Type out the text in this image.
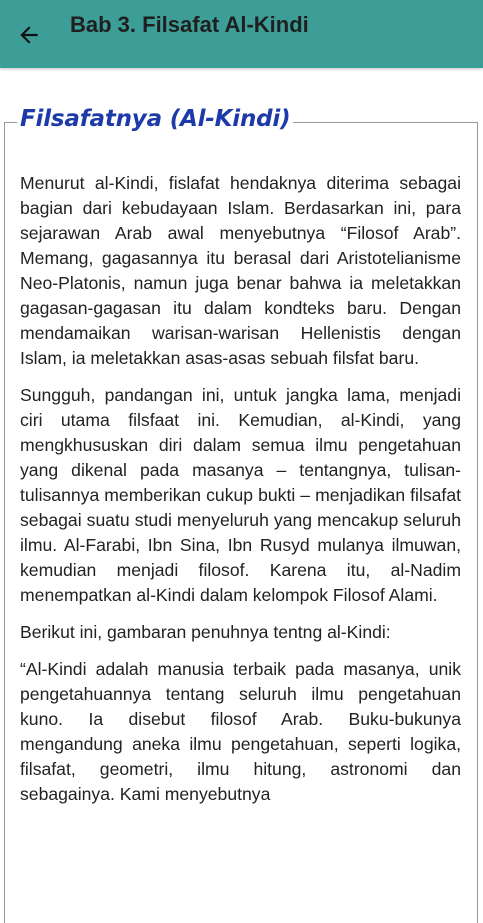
Bab 3. Filsafat Al-Kindi
Filsafatnya (Al-Kindi)

Menurut al-Kindi, fislafat hendaknya diterima sebagai bagian dari kebudayaan Islam. Berdasarkan ini, para sejarawan Arab awal menyebutnya “Filosof Arab”. Memang, gagasannya itu berasal dari Aristotelianisme Neo-Platonis, namun juga benar bahwa ia meletakkan gagasan-gagasan itu dalam kondteks baru. Dengan mendamaikan warisan-warisan Hellenistis dengan Islam, ia meletakkan asas-asas sebuah filsfat baru.

Sungguh, pandangan ini, untuk jangka lama, menjadi ciri utama filsfaat ini. Kemudian, al-Kindi, yang mengkhususkan diri dalam semua ilmu pengetahuan yang dikenal pada masanya – tentangnya, tulisan-tulisannya memberikan cukup bukti – menjadikan filsafat sebagai suatu studi menyeluruh yang mencakup seluruh ilmu. Al-Farabi, Ibn Sina, Ibn Rusyd mulanya ilmuwan, kemudian menjadi filosof. Karena itu, al-Nadim menempatkan al-Kindi dalam kelompok Filosof Alami.

Berikut ini, gambaran penuhnya tentng al-Kindi:

“Al-Kindi adalah manusia terbaik pada masanya, unik pengetahuannya tentang seluruh ilmu pengetahuan kuno. Ia disebut filosof Arab. Buku-bukunya mengandung aneka ilmu pengetahuan, seperti logika, filsafat, geometri, ilmu hitung, astronomi dan sebagainya. Kami menyebutnya
